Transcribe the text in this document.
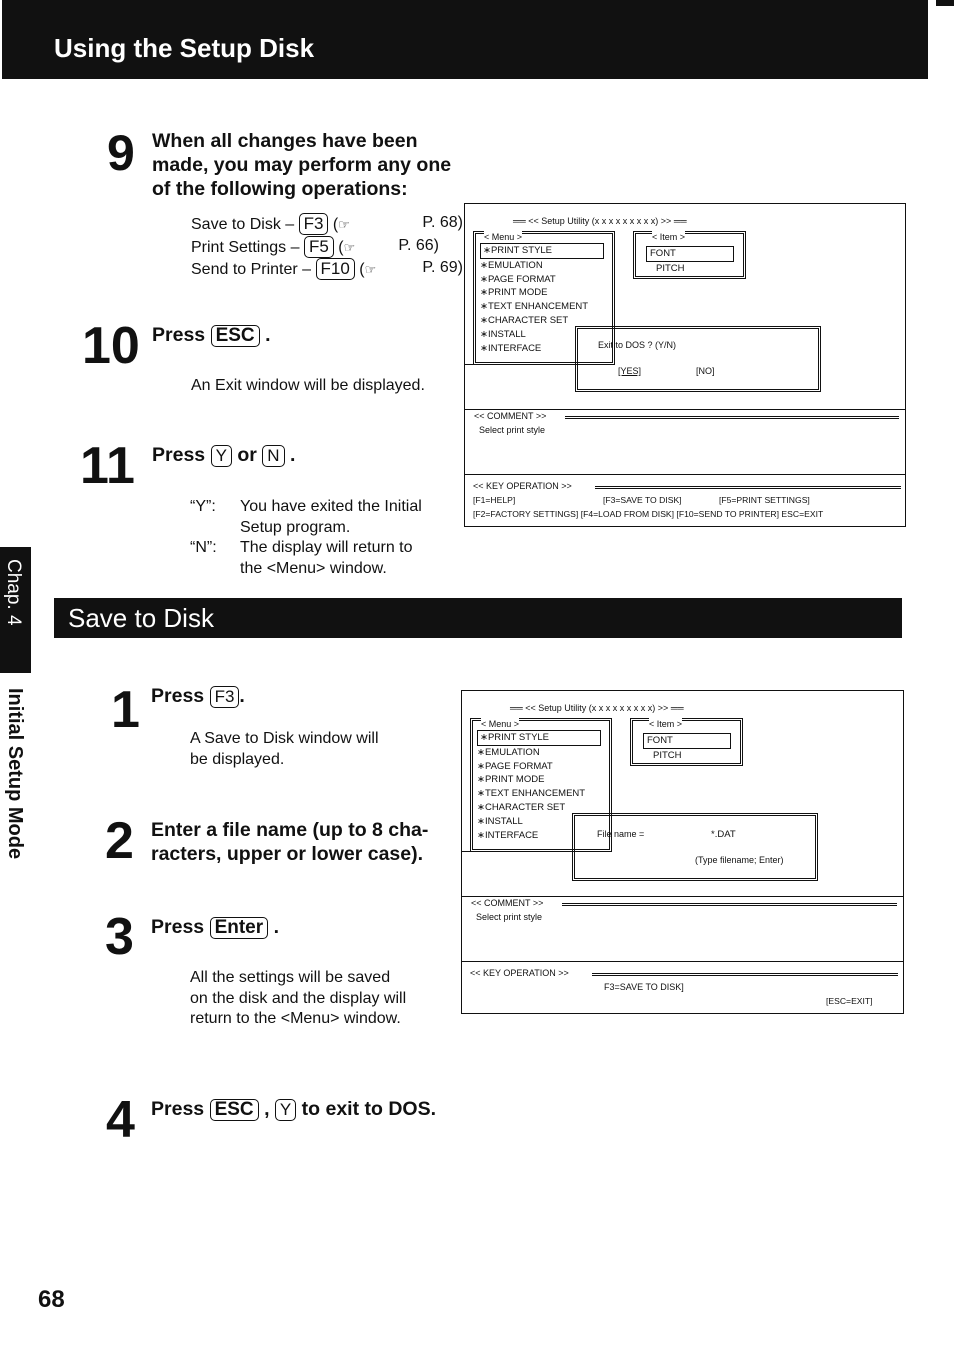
Using the Setup Disk
Chap. 4
Initial Setup Mode
9 When all changes have been
made, you may perform any one
of the following operations:
Save to Disk – F3 (☞	P. 68)
Print Settings – F5 (☞	P. 66)
Send to Printer – F10 (☞	P. 69)
10 Press ESC .
An Exit window will be displayed.
11 Press Y or N .
“Y”:	You have exited the Initial
Setup program.
“N”:	The display will return to
the <Menu> window.
══ << Setup Utility (x x x x x x x x x) >> ══
< Menu >
∗PRINT STYLE
∗EMULATION
∗PAGE FORMAT
∗PRINT MODE
∗TEXT ENHANCEMENT
∗CHARACTER SET
∗INSTALL
∗INTERFACE
< Item >
FONT
PITCH
Exit to DOS ? (Y/N)
[YES]	[NO]
<< COMMENT >>
Select print style
<< KEY OPERATION >>
[F1=HELP]	[F3=SAVE TO DISK]	[F5=PRINT SETTINGS]
[F2=FACTORY SETTINGS] [F4=LOAD FROM DISK] [F10=SEND TO PRINTER] ESC=EXIT
Save to Disk
1 Press F3 .
A Save to Disk window will
be displayed.
2 Enter a file name (up to 8 cha-
racters, upper or lower case).
3 Press Enter .
All the settings will be saved
on the disk and the display will
return to the <Menu> window.
4 Press ESC , Y to exit to DOS.
══ << Setup Utility (x x x x x x x x x) >> ══
< Menu >
∗PRINT STYLE
∗EMULATION
∗PAGE FORMAT
∗PRINT MODE
∗TEXT ENHANCEMENT
∗CHARACTER SET
∗INSTALL
∗INTERFACE
< Item >
FONT
PITCH
File name =	*.DAT
(Type filename; Enter)
<< COMMENT >>
Select print style
<< KEY OPERATION >>
F3=SAVE TO DISK]
[ESC=EXIT]
68
